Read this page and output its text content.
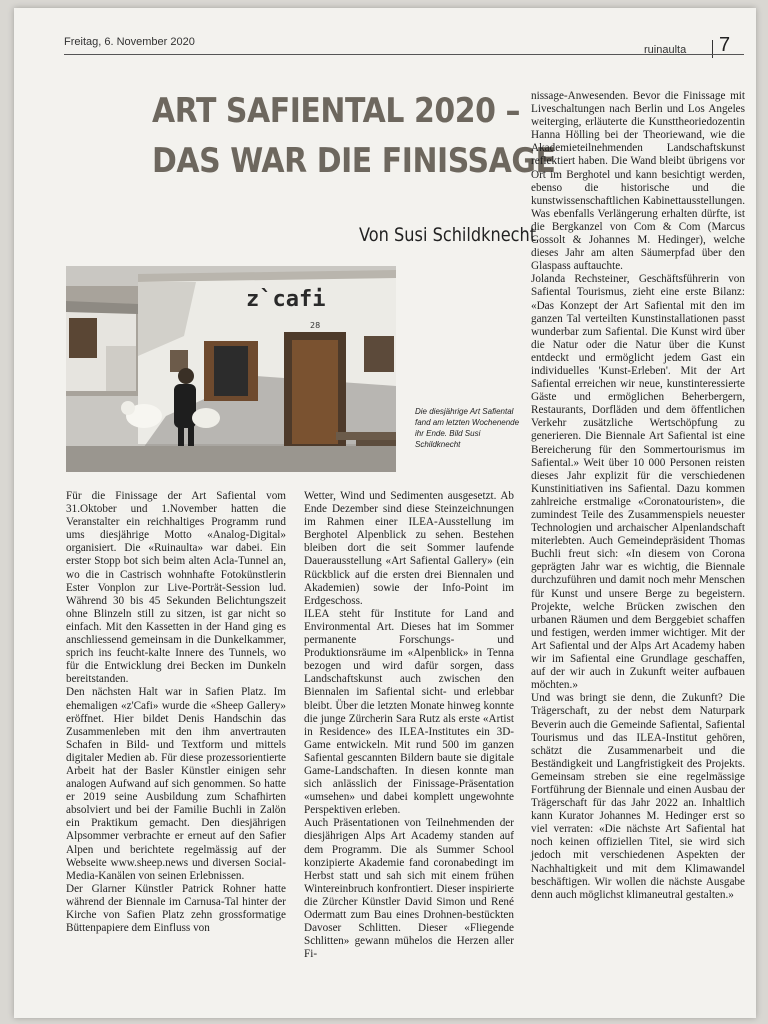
Freitag, 6. November 2020
ruinaulta 7
ART SAFIENTAL 2020 –
DAS WAR DIE FINISSAGE
Von Susi Schildknecht
z`cafi
28
Die diesjährige Art Safiental fand am letzten Wochenende ihr Ende. Bild Susi Schildknecht

Für die Finissage der Art Safiental vom 31.Oktober und 1.November hatten die Veranstalter ein reichhaltiges Programm rund ums diesjährige Motto «Analog-Digital» organisiert. Die «Ruinaulta» war dabei. Ein erster Stopp bot sich beim alten Acla-Tunnel an, wo die in Castrisch wohnhafte Fotokünstlerin Ester Vonplon zur Live-Porträt-Session lud. Während 30 bis 45 Sekunden Belichtungszeit ohne Blinzeln still zu sitzen, ist gar nicht so einfach. Mit den Kassetten in der Hand ging es anschliessend gemeinsam in die Dunkelkammer, sprich ins feucht-kalte Innere des Tunnels, wo für die Entwicklung drei Becken im Dunkeln bereitstanden.

Den nächsten Halt war in Safien Platz. Im ehemaligen «z'Cafi» wurde die «Sheep Gallery» eröffnet. Hier bildet Denis Handschin das Zusammenleben mit den ihm anvertrauten Schafen in Bild- und Textform und mittels digitaler Medien ab. Für diese prozessorientierte Arbeit hat der Basler Künstler einigen sehr analogen Aufwand auf sich genommen. So hatte er 2019 seine Ausbildung zum Schafhirten absolviert und bei der Familie Buchli in Zalön ein Praktikum gemacht. Den diesjährigen Alpsommer verbrachte er erneut auf den Safier Alpen und berichtete regelmässig auf der Webseite www.sheep.news und diversen Social-Media-Kanälen von seinen Erlebnissen.

Der Glarner Künstler Patrick Rohner hatte während der Biennale im Carnusa-Tal hinter der Kirche von Safien Platz zehn grossformatige Büttenpapiere dem Einfluss von

Wetter, Wind und Sedimenten ausgesetzt. Ab Ende Dezember sind diese Steinzeichnungen im Rahmen einer ILEA-Ausstellung im Berghotel Alpenblick zu sehen. Bestehen bleiben dort die seit Sommer laufende Dauerausstellung «Art Safiental Gallery» (ein Rückblick auf die ersten drei Biennalen und Akademien) sowie der Info-Point im Erdgeschoss.

ILEA steht für Institute for Land and Environmental Art. Dieses hat im Sommer permanente Forschungs- und Produktionsräume im «Alpenblick» in Tenna bezogen und wird dafür sorgen, dass Landschaftskunst auch zwischen den Biennalen im Safiental sicht- und erlebbar bleibt. Über die letzten Monate hinweg konnte die junge Zürcherin Sara Rutz als erste «Artist in Residence» des ILEA-Institutes ein 3D-Game entwickeln. Mit rund 500 im ganzen Safiental gescannten Bildern baute sie digitale Game-Landschaften. In diesen konnte man sich anlässlich der Finissage-Präsentation «umsehen» und dabei komplett ungewohnte Perspektiven erleben.

Auch Präsentationen von Teilnehmenden der diesjährigen Alps Art Academy standen auf dem Programm. Die als Summer School konzipierte Akademie fand coronabedingt im Herbst statt und sah sich mit einem frühen Wintereinbruch konfrontiert. Dieser inspirierte die Zürcher Künstler David Simon und René Odermatt zum Bau eines Drohnen-bestückten Davoser Schlitten. Dieser «Fliegende Schlitten» gewann mühelos die Herzen aller Fi-

nissage-Anwesenden. Bevor die Finissage mit Liveschaltungen nach Berlin und Los Angeles weiterging, erläuterte die Kunsttheoriedozentin Hanna Hölling bei der Theoriewand, wie die Akademieteilnehmenden Landschaftskunst reflektiert haben. Die Wand bleibt übrigens vor Ort im Berghotel und kann besichtigt werden, ebenso die historische und die kunstwissenschaftlichen Kabinettausstellungen. Was ebenfalls Verlängerung erhalten dürfte, ist die Bergkanzel von Com & Com (Marcus Gossolt & Johannes M. Hedinger), welche dieses Jahr am alten Säumerpfad über den Glaspass auftauchte.

Jolanda Rechsteiner, Geschäftsführerin von Safiental Tourismus, zieht eine erste Bilanz: «Das Konzept der Art Safiental mit den im ganzen Tal verteilten Kunstinstallationen passt wunderbar zum Safiental. Die Kunst wird über die Natur oder die Natur über die Kunst entdeckt und ermöglicht jedem Gast ein individuelles 'Kunst-Erleben'. Mit der Art Safiental erreichen wir neue, kunstinteressierte Gäste und ermöglichen Beherbergern, Restaurants, Dorfläden und dem öffentlichen Verkehr zusätzliche Wertschöpfung zu generieren. Die Biennale Art Safiental ist eine Bereicherung für den Sommertourismus im Safiental.» Weit über 10 000 Personen reisten dieses Jahr explizit für die verschiedenen Kunstinitiativen ins Safiental. Dazu kommen zahlreiche erstmalige «Coronatouristen», die zumindest Teile des Zusammenspiels neuester Technologien und archaischer Alpenlandschaft miterlebten. Auch Gemeindepräsident Thomas Buchli freut sich: «In diesem von Corona geprägten Jahr war es wichtig, die Biennale durchzuführen und damit noch mehr Menschen für Kunst und unsere Berge zu begeistern. Projekte, welche Brücken zwischen den urbanen Räumen und dem Berggebiet schaffen und festigen, werden immer wichtiger. Mit der Art Safiental und der Alps Art Academy haben wir im Safiental eine Grundlage geschaffen, auf der wir auch in Zukunft weiter aufbauen möchten.»

Und was bringt sie denn, die Zukunft? Die Trägerschaft, zu der nebst dem Naturpark Beverin auch die Gemeinde Safiental, Safiental Tourismus und das ILEA-Institut gehören, schätzt die Zusammenarbeit und die Beständigkeit und Langfristigkeit des Projekts. Gemeinsam streben sie eine regelmässige Fortführung der Biennale und einen Ausbau der Trägerschaft für das Jahr 2022 an. Inhaltlich kann Kurator Johannes M. Hedinger erst so viel verraten: «Die nächste Art Safiental hat noch keinen offiziellen Titel, sie wird sich jedoch mit verschiedenen Aspekten der Nachhaltigkeit und mit dem Klimawandel beschäftigen. Wir wollen die nächste Ausgabe denn auch möglichst klimaneutral gestalten.»
